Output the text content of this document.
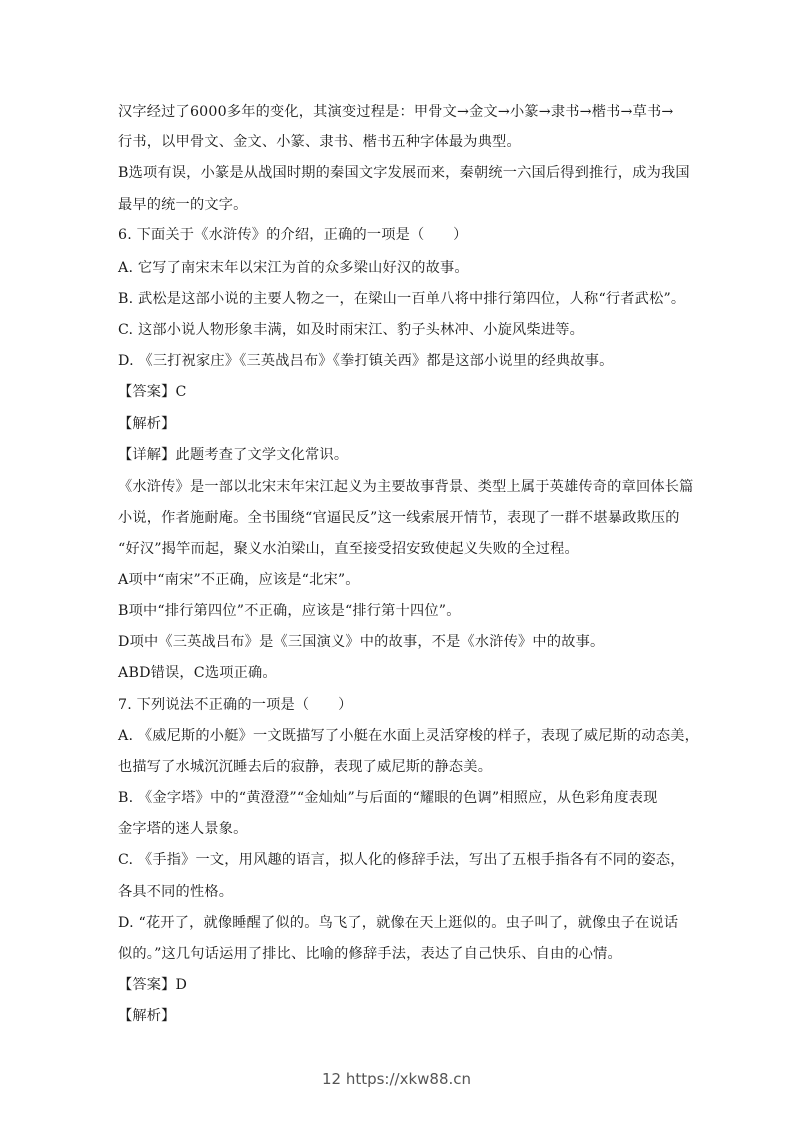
汉字经过了6000多年的变化，其演变过程是：甲骨文→金文→小篆→隶书→楷书→草书→
行书，以甲骨文、金文、小篆、隶书、楷书五种字体最为典型。
B选项有误，小篆是从战国时期的秦国文字发展而来，秦朝统一六国后得到推行，成为我国
最早的统一的文字。
6. 下面关于《水浒传》的介绍，正确的一项是（　　）
A. 它写了南宋末年以宋江为首的众多梁山好汉的故事。
B. 武松是这部小说的主要人物之一，在梁山一百单八将中排行第四位，人称“行者武松”。
C. 这部小说人物形象丰满，如及时雨宋江、豹子头林冲、小旋风柴进等。
D. 《三打祝家庄》《三英战吕布》《拳打镇关西》都是这部小说里的经典故事。
【答案】C
【解析】
【详解】此题考查了文学文化常识。
《水浒传》是一部以北宋末年宋江起义为主要故事背景、类型上属于英雄传奇的章回体长篇
小说，作者施耐庵。全书围绕“官逼民反”这一线索展开情节，表现了一群不堪暴政欺压的
“好汉”揭竿而起，聚义水泊梁山，直至接受招安致使起义失败的全过程。
A项中“南宋”不正确，应该是“北宋”。
B项中“排行第四位”不正确，应该是“排行第十四位”。
D项中《三英战吕布》是《三国演义》中的故事，不是《水浒传》中的故事。
ABD错误，C选项正确。
7. 下列说法不正确的一项是（　　）
A. 《威尼斯的小艇》一文既描写了小艇在水面上灵活穿梭的样子，表现了威尼斯的动态美，
也描写了水城沉沉睡去后的寂静，表现了威尼斯的静态美。
B. 《金字塔》中的“黄澄澄”“金灿灿”与后面的“耀眼的色调”相照应，从色彩角度表现
金字塔的迷人景象。
C. 《手指》一文，用风趣的语言，拟人化的修辞手法，写出了五根手指各有不同的姿态，
各具不同的性格。
D. “花开了，就像睡醒了似的。鸟飞了，就像在天上逛似的。虫子叫了，就像虫子在说话
似的。”这几句话运用了排比、比喻的修辞手法，表达了自己快乐、自由的心情。
【答案】D
【解析】
12 https://xkw88.cn
